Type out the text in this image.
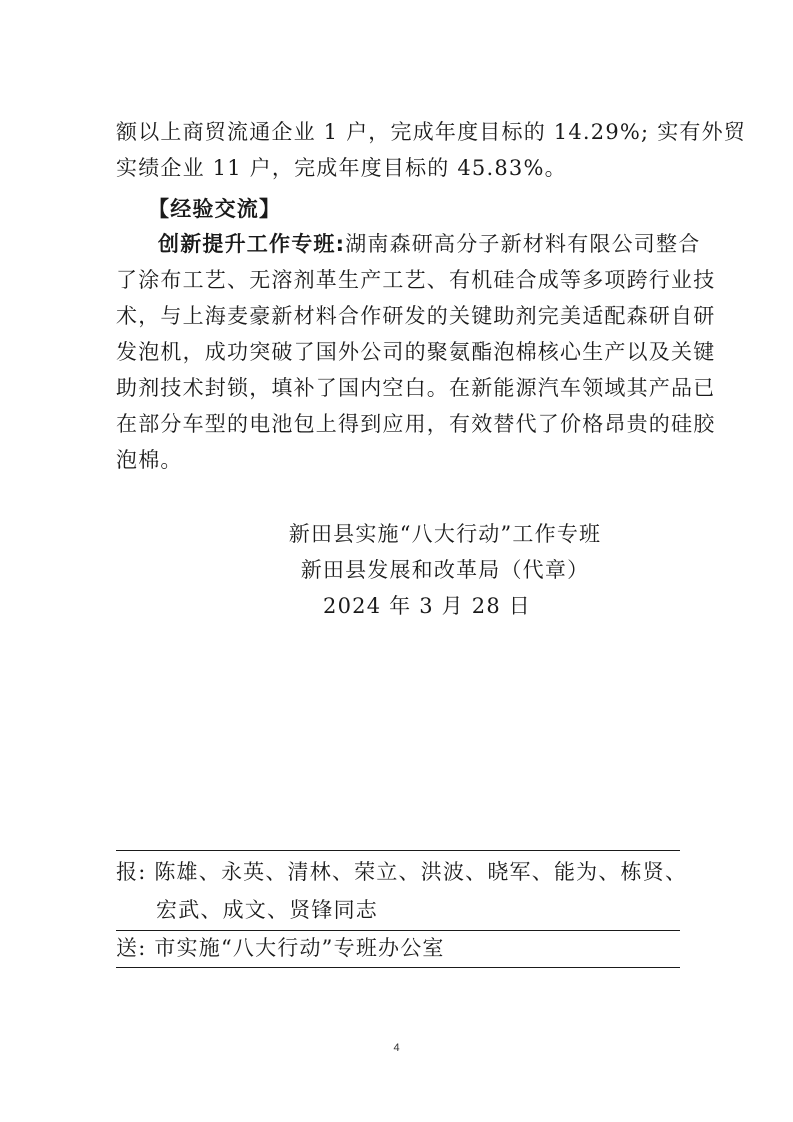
额以上商贸流通企业 1 户，完成年度目标的 14.29%; 实有外贸
实绩企业 11 户，完成年度目标的 45.83%。
【经验交流】
创新提升工作专班:湖南森研高分子新材料有限公司整合
了涂布工艺、无溶剂革生产工艺、有机硅合成等多项跨行业技
术，与上海麦豪新材料合作研发的关键助剂完美适配森研自研
发泡机，成功突破了国外公司的聚氨酯泡棉核心生产以及关键
助剂技术封锁，填补了国内空白。在新能源汽车领域其产品已
在部分车型的电池包上得到应用，有效替代了价格昂贵的硅胶
泡棉。
新田县实施“八大行动”工作专班
新田县发展和改革局（代章）
2024 年 3 月 28 日
报: 陈雄、永英、清林、荣立、洪波、晓军、能为、栋贤、
宏武、成文、贤锋同志
送: 市实施“八大行动”专班办公室
4
